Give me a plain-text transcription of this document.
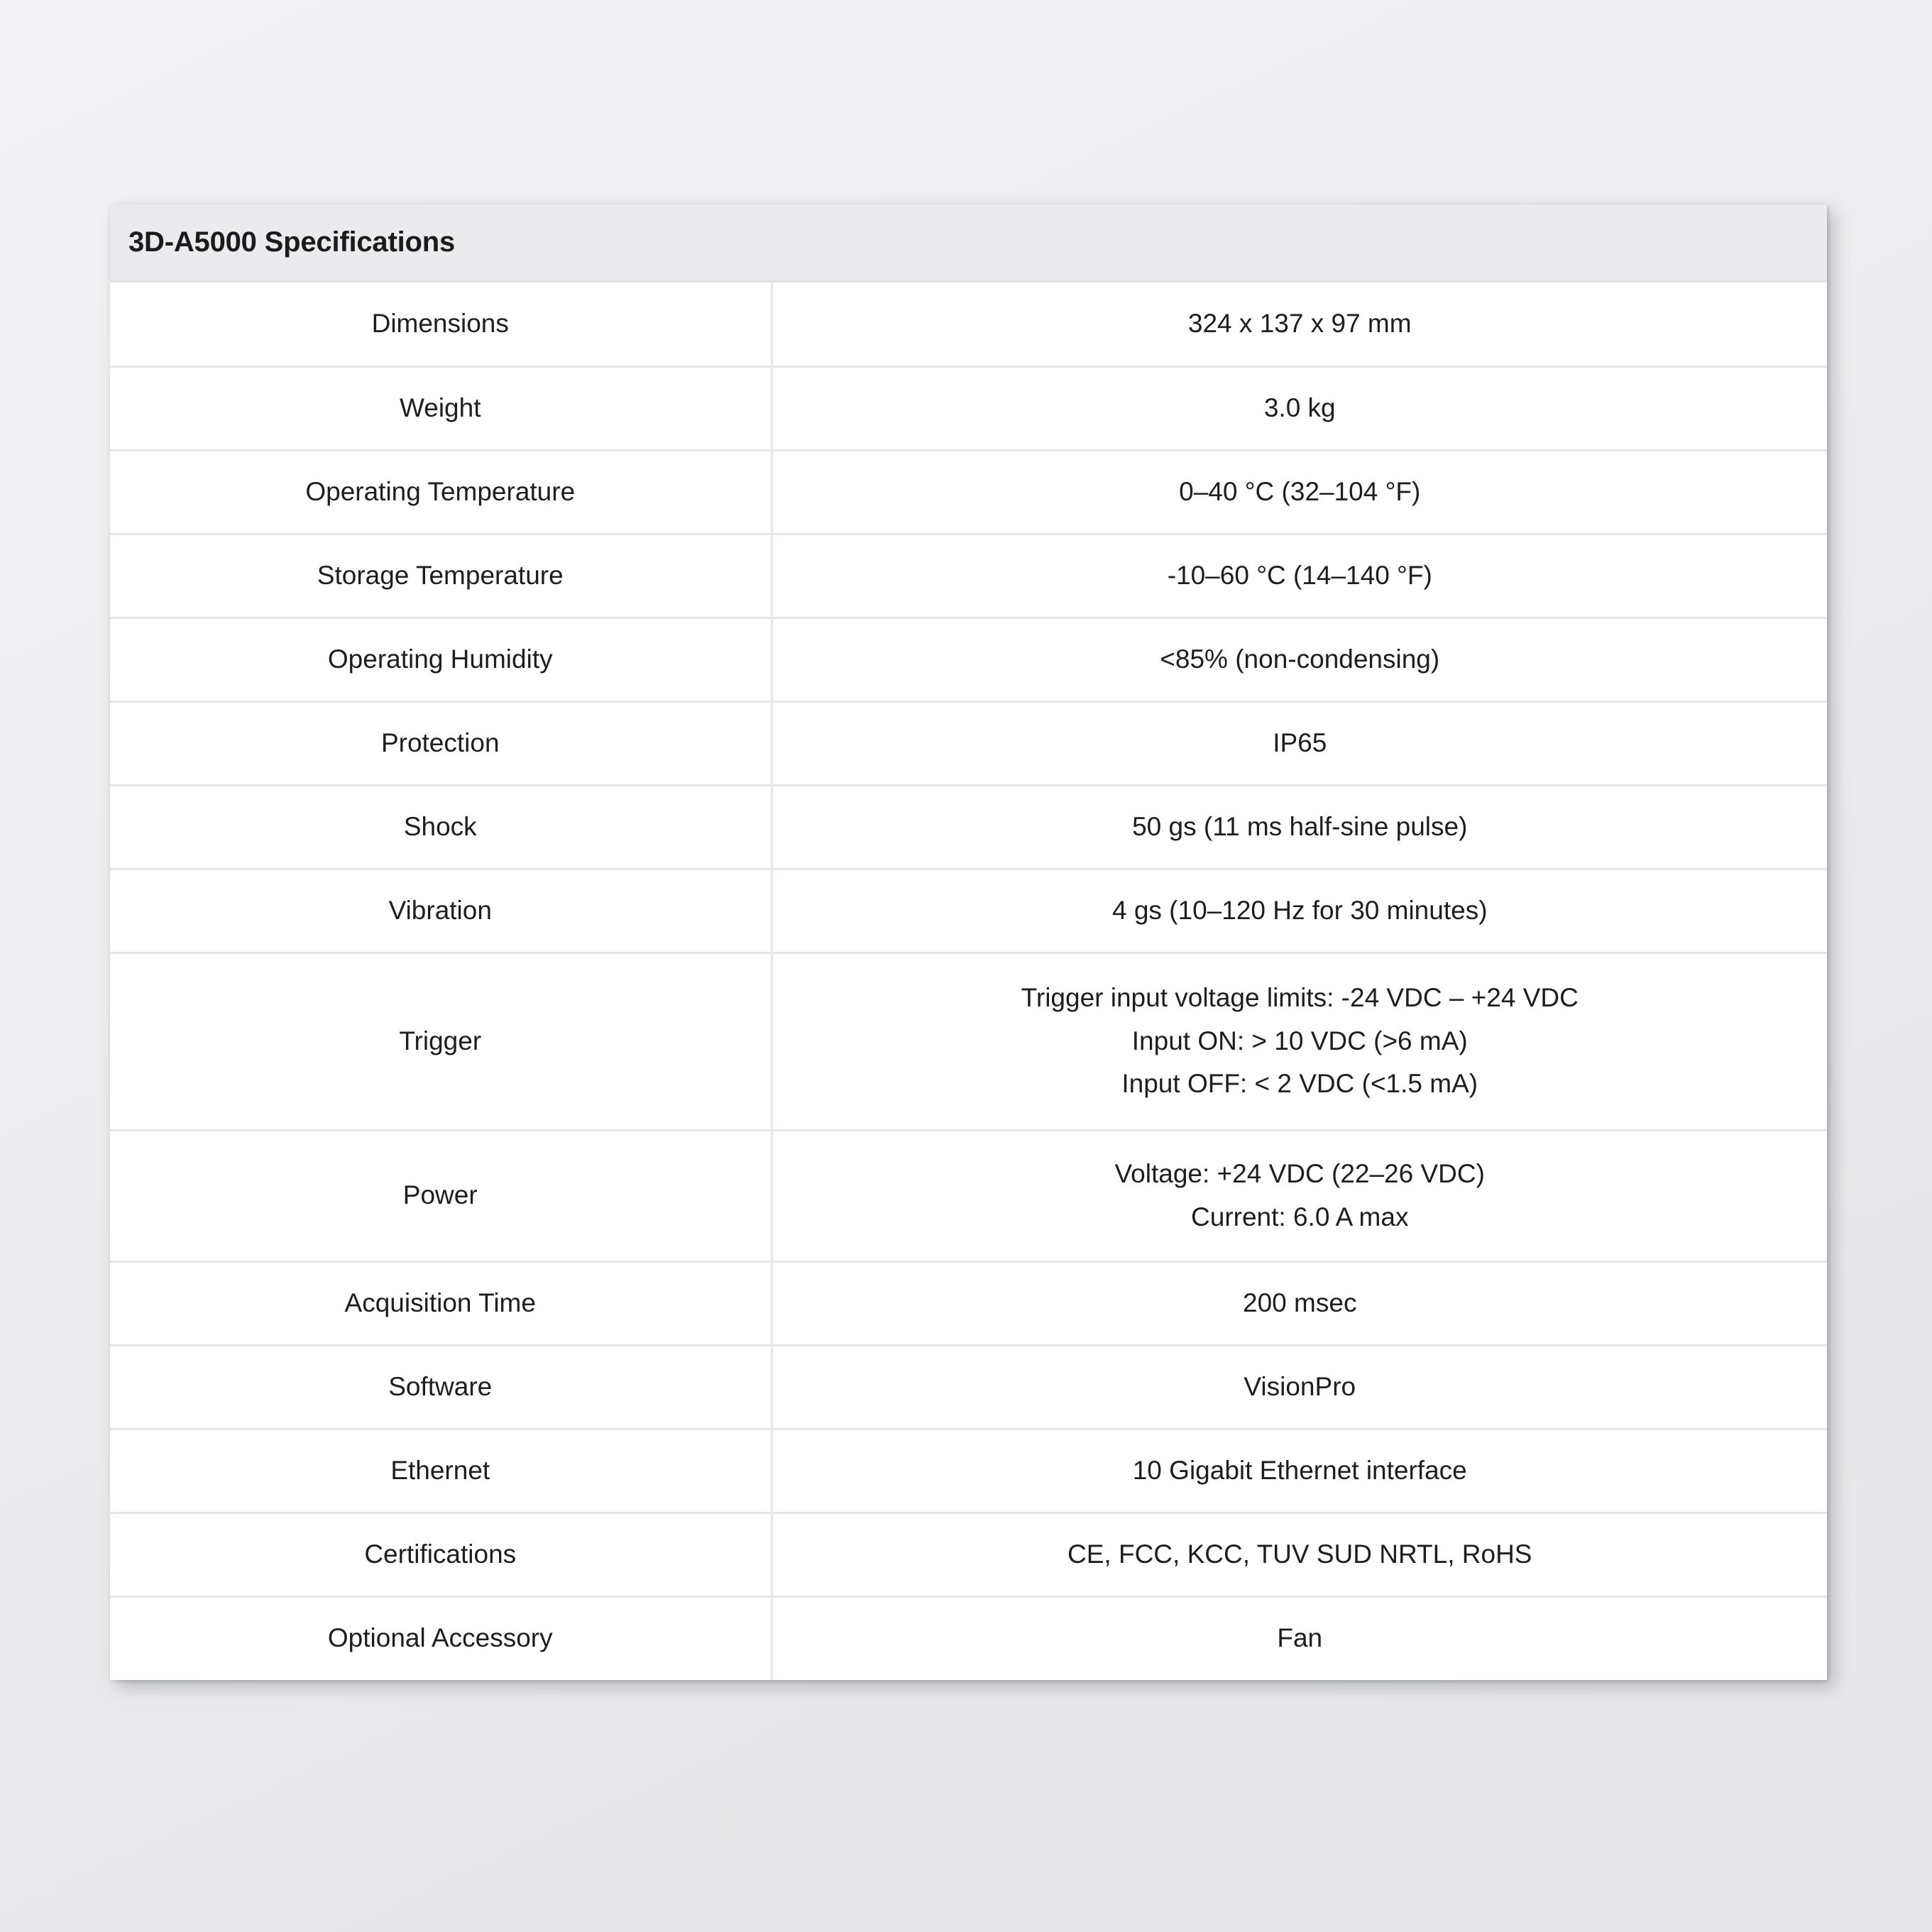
3D-A5000 Specifications
Dimensions	324 x 137 x 97 mm

Weight	3.0 kg

Operating Temperature	0–40 °C (32–104 °F)

Storage Temperature	-10–60 °C (14–140 °F)

Operating Humidity	<85% (non-condensing)

Protection	IP65

Shock	50 gs (11 ms half-sine pulse)

Vibration	4 gs (10–120 Hz for 30 minutes)

Trigger	Trigger input voltage limits: -24 VDC – +24 VDC
Input ON: > 10 VDC (>6 mA)
Input OFF: < 2 VDC (<1.5 mA)

Power	Voltage: +24 VDC (22–26 VDC)
Current: 6.0 A max

Acquisition Time	200 msec

Software	VisionPro

Ethernet	10 Gigabit Ethernet interface

Certifications	CE, FCC, KCC, TUV SUD NRTL, RoHS

Optional Accessory	Fan
